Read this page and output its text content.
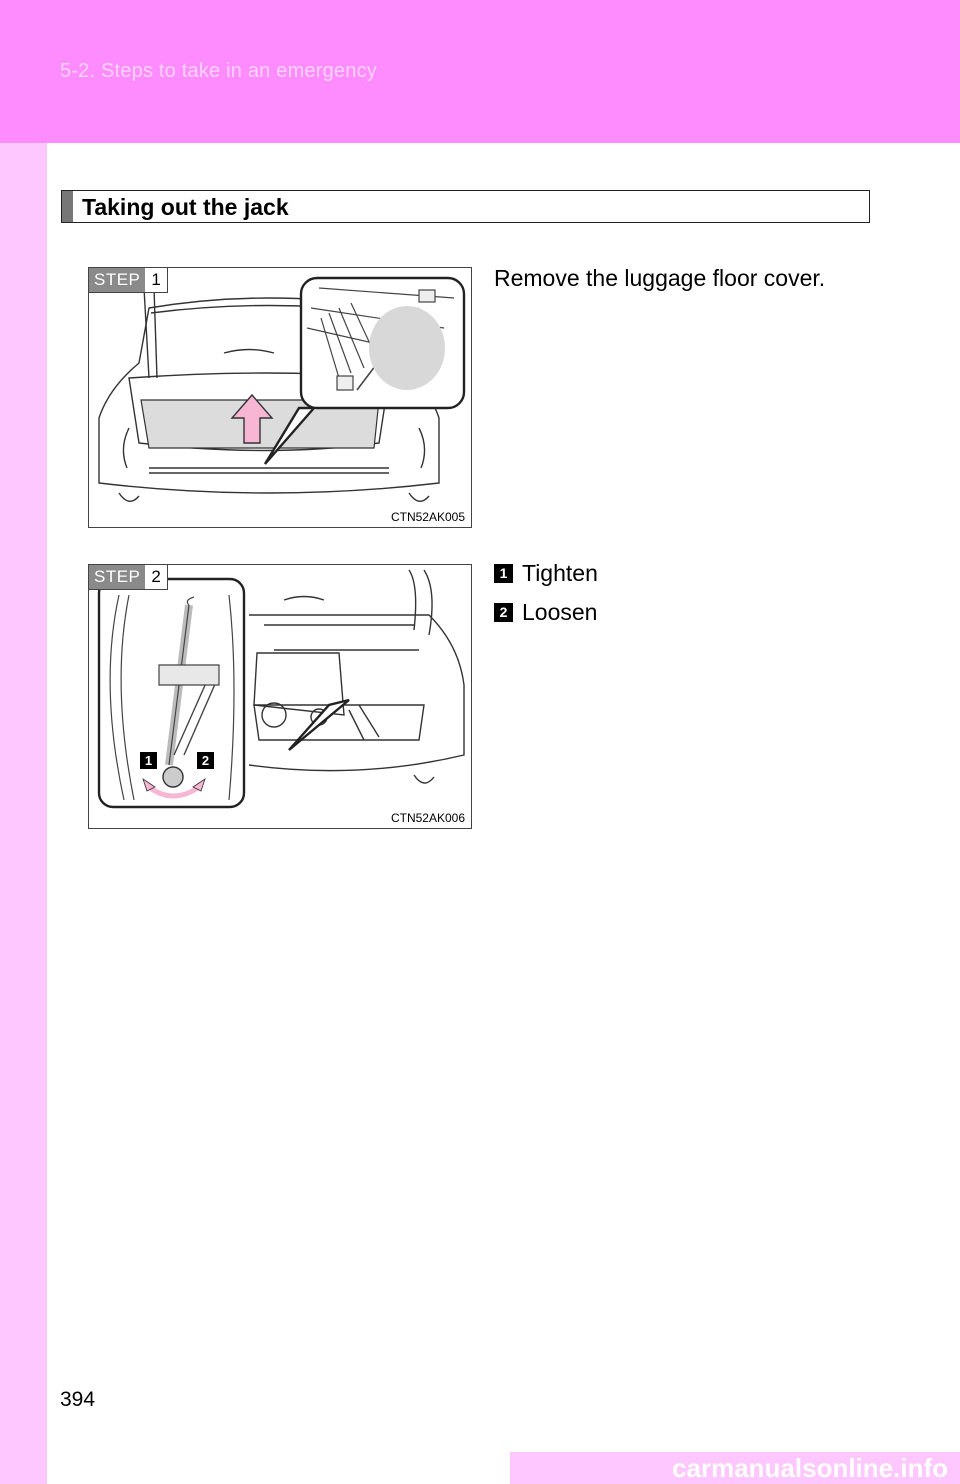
5-2. Steps to take in an emergency
Taking out the jack
STEP 1
CTN52AK005
Remove the luggage floor cover.
1	2
STEP 2
CTN52AK006
1 Tighten
2 Loosen
394
carmanualsonline.info
